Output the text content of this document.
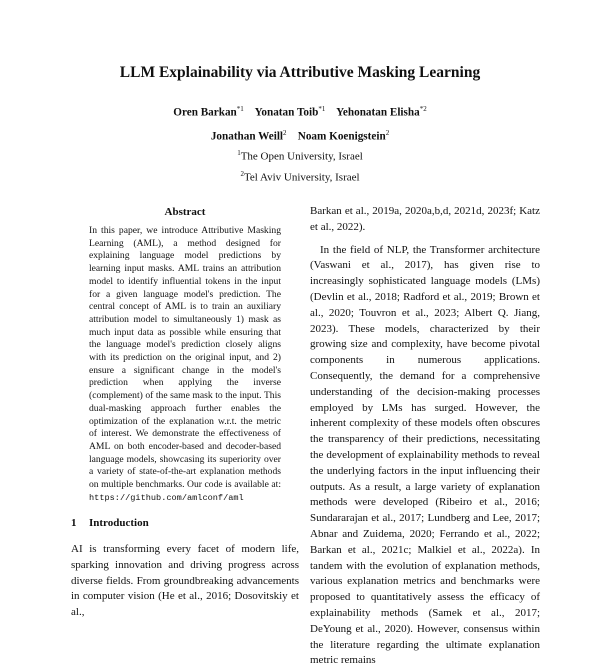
LLM Explainability via Attributive Masking Learning
Oren Barkan$^{*1}$ Yonatan Toib$^{*1}$ Yehonatan Elisha$^{*2}$
Jonathan Weill$^2$ Noam Koenigstein$^2$
$^1$The Open University, Israel
$^2$Tel Aviv University, Israel
Abstract

In this paper, we introduce Attributive Masking Learning (AML), a method designed for explaining language model predictions by learning input masks. AML trains an attribution model to identify influential tokens in the input for a given language model's prediction. The central concept of AML is to train an auxiliary attribution model to simultaneously 1) mask as much input data as possible while ensuring that the language model's prediction closely aligns with its prediction on the original input, and 2) ensure a significant change in the model's prediction when applying the inverse (complement) of the same mask to the input. This dual-masking approach further enables the optimization of the explanation w.r.t. the metric of interest. We demonstrate the effectiveness of AML on both encoder-based and decoder-based language models, showcasing its superiority over a variety of state-of-the-art explanation methods on multiple benchmarks. Our code is available at: https://github.com/amlconf/aml

1 Introduction

AI is transforming every facet of modern life, sparking innovation and driving progress across diverse fields. From groundbreaking advancements in computer vision (He et al., 2016; Dosovitskiy et al.,

Barkan et al., 2019a, 2020a,b,d, 2021d, 2023f; Katz et al., 2022).

In the field of NLP, the Transformer architecture (Vaswani et al., 2017), has given rise to increasingly sophisticated language models (LMs) (Devlin et al., 2018; Radford et al., 2019; Brown et al., 2020; Touvron et al., 2023; Albert Q. Jiang, 2023). These models, characterized by their growing size and complexity, have become pivotal components in numerous applications. Consequently, the demand for a comprehensive understanding of the decision-making processes employed by LMs has surged. However, the inherent complexity of these models often obscures the transparency of their predictions, necessitating the development of explainability methods to reveal the underlying factors in the input influencing their outputs. As a result, a large variety of explanation methods were developed (Ribeiro et al., 2016; Sundararajan et al., 2017; Lundberg and Lee, 2017; Abnar and Zuidema, 2020; Ferrando et al., 2022; Barkan et al., 2021c; Malkiel et al., 2022a). In tandem with the evolution of explanation methods, various explanation metrics and benchmarks were proposed to quantitatively assess the efficacy of explainability methods (Samek et al., 2017; DeYoung et al., 2020). However, consensus within the literature regarding the ultimate explanation metric remains
